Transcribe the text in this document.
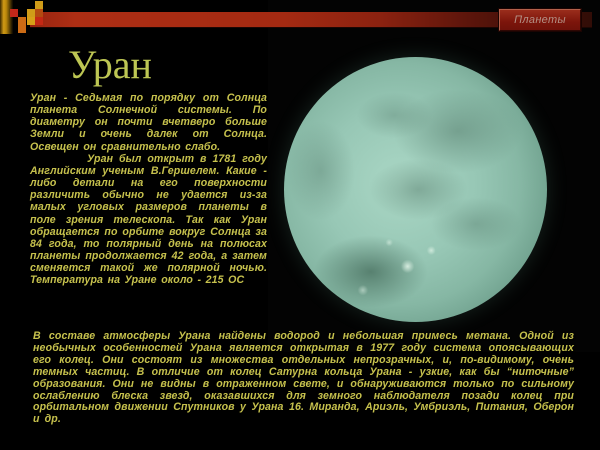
Планеты
Уран

Уран - Седьмая по порядку от Солнца планета Солнечной системы. По диаметру он почти вчетверо больше Земли и очень далек от Солнца. Освещен он сравнительно слабо.

Уран был открыт в 1781 году Английским ученым В.Гершелем. Какие - либо детали на его поверхности различить обычно не удается из-за малых угловых размеров планеты в поле зрения телескопа. Так как Уран обращается по орбите вокруг Солнца за 84 года, то полярный день на полюсах планеты продолжается 42 года, а затем сменяется такой же полярной ночью. Температура на Уране около - 215 ОС

В составе атмосферы Урана найдены водород и небольшая примесь метана. Одной из необычных особенностей Урана является открытая в 1977 году система опоясывающих его колец. Они состоят из множества отдельных непрозрачных, и, по-видимому, очень темных частиц. В отличие от колец Сатурна кольца Урана - узкие, как бы “ниточные” образования. Они не видны в отраженном свете, и обнаруживаются только по сильному ослаблению блеска звезд, оказавшихся для земного наблюдателя позади колец при орбитальном движении Спутников у Урана 16. Миранда, Ариэль, Умбриэль, Питания, Оберон и др.
